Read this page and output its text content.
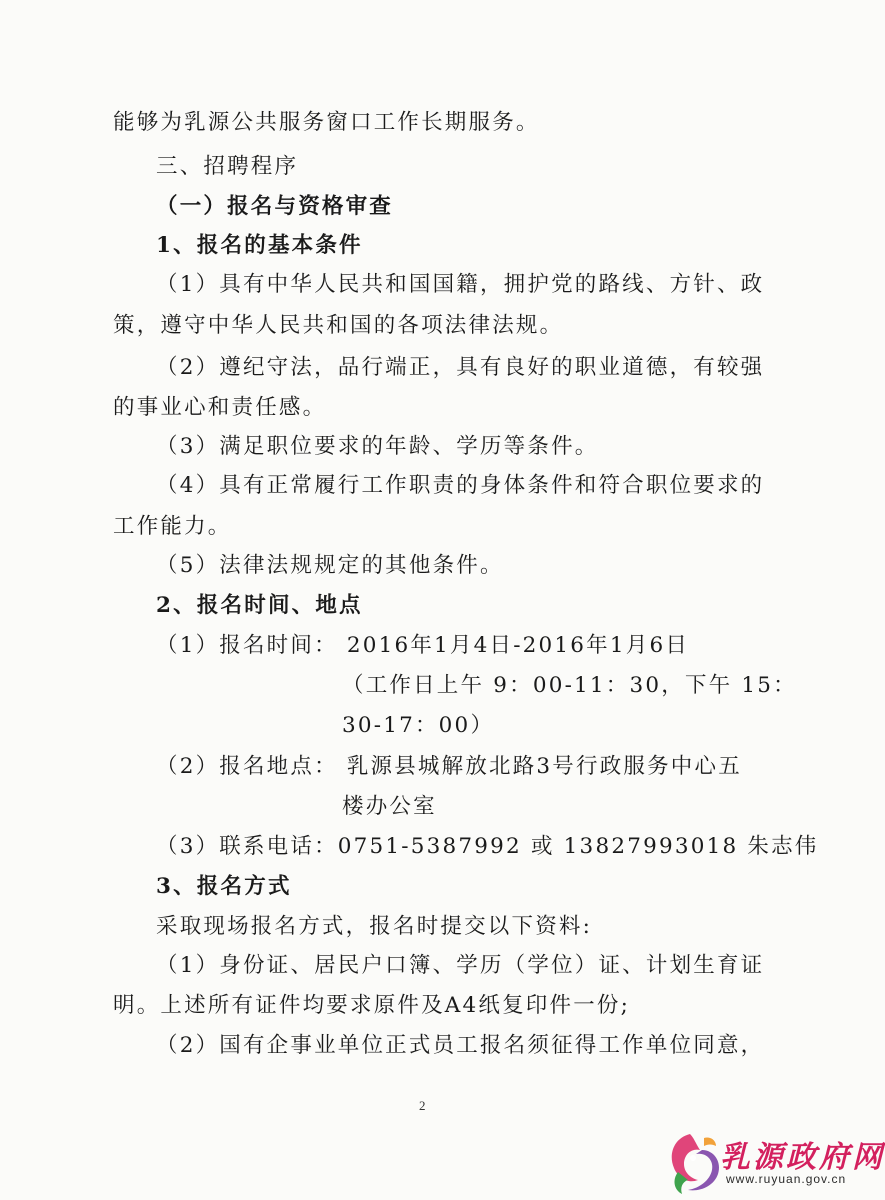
能够为乳源公共服务窗口工作长期服务。
三、招聘程序
（一）报名与资格审查
1、报名的基本条件
（1）具有中华人民共和国国籍，拥护党的路线、方针、政
策，遵守中华人民共和国的各项法律法规。
（2）遵纪守法，品行端正，具有良好的职业道德，有较强
的事业心和责任感。
（3）满足职位要求的年龄、学历等条件。
（4）具有正常履行工作职责的身体条件和符合职位要求的
工作能力。
（5）法律法规规定的其他条件。
2、报名时间、地点
（1）报名时间： 2016年1月4日-2016年1月6日
（工作日上午 9：00-11：30，下午 15：
30-17：00）
（2）报名地点： 乳源县城解放北路3号行政服务中心五
楼办公室
（3）联系电话：0751-5387992 或 13827993018 朱志伟
3、报名方式
采取现场报名方式，报名时提交以下资料:
（1）身份证、居民户口簿、学历（学位）证、计划生育证
明。上述所有证件均要求原件及A4纸复印件一份;
（2）国有企事业单位正式员工报名须征得工作单位同意，
2
乳源政府网
www.ruyuan.gov.cn
